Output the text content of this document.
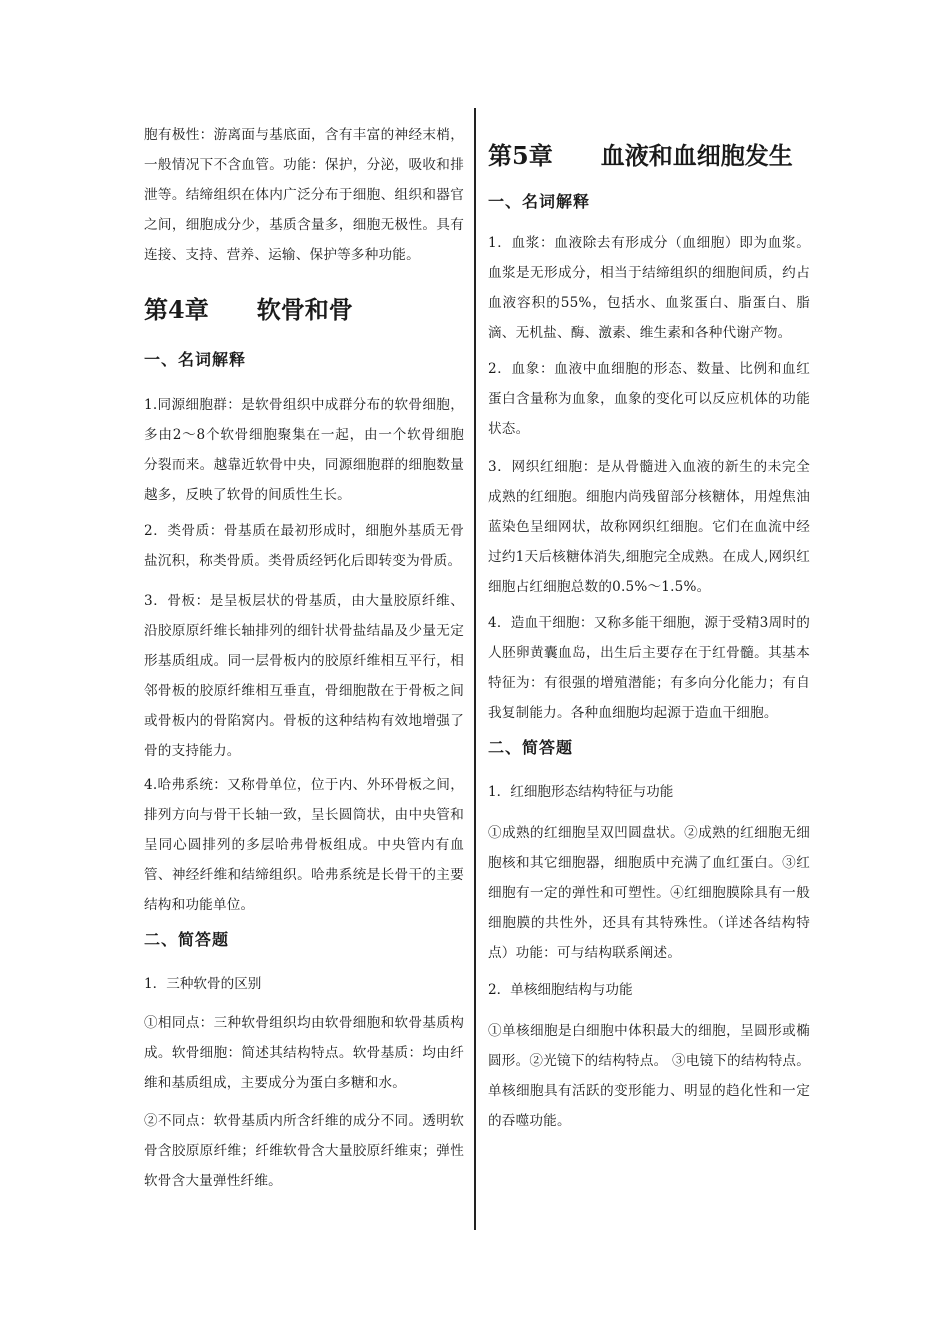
胞有极性：游离面与基底面，含有丰富的神经末梢，一般情况下不含血管。功能：保护，分泌，吸收和排泄等。结缔组织在体内广泛分布于细胞、组织和器官之间，细胞成分少，基质含量多，细胞无极性。具有连接、支持、营养、运输、保护等多种功能。

第4章　　软骨和骨
一、名词解释

1.同源细胞群：是软骨组织中成群分布的软骨细胞，多由2～8个软骨细胞聚集在一起，由一个软骨细胞分裂而来。越靠近软骨中央，同源细胞群的细胞数量越多，反映了软骨的间质性生长。

2．类骨质：骨基质在最初形成时，细胞外基质无骨盐沉积，称类骨质。类骨质经钙化后即转变为骨质。

3．骨板：是呈板层状的骨基质，由大量胶原纤维、沿胶原原纤维长轴排列的细针状骨盐结晶及少量无定形基质组成。同一层骨板内的胶原纤维相互平行，相邻骨板的胶原纤维相互垂直，骨细胞散在于骨板之间或骨板内的骨陷窝内。骨板的这种结构有效地增强了骨的支持能力。

4.哈弗系统：又称骨单位，位于内、外环骨板之间，排列方向与骨干长轴一致，呈长圆筒状，由中央管和呈同心圆排列的多层哈弗骨板组成。中央管内有血管、神经纤维和结缔组织。哈弗系统是长骨干的主要结构和功能单位。

二、简答题

1．三种软骨的区别

①相同点：三种软骨组织均由软骨细胞和软骨基质构成。软骨细胞：简述其结构特点。软骨基质：均由纤维和基质组成，主要成分为蛋白多糖和水。

②不同点：软骨基质内所含纤维的成分不同。透明软骨含胶原原纤维；纤维软骨含大量胶原纤维束；弹性软骨含大量弹性纤维。

第5章　　血液和血细胞发生
一、名词解释

1．血浆：血液除去有形成分（血细胞）即为血浆。血浆是无形成分，相当于结缔组织的细胞间质，约占血液容积的55%，包括水、血浆蛋白、脂蛋白、脂滴、无机盐、酶、激素、维生素和各种代谢产物。

2．血象：血液中血细胞的形态、数量、比例和血红蛋白含量称为血象，血象的变化可以反应机体的功能状态。

3．网织红细胞：是从骨髓进入血液的新生的未完全成熟的红细胞。细胞内尚残留部分核糖体，用煌焦油蓝染色呈细网状，故称网织红细胞。它们在血流中经过约1天后核糖体消失,细胞完全成熟。在成人,网织红细胞占红细胞总数的0.5%～1.5%。

4．造血干细胞：又称多能干细胞，源于受精3周时的人胚卵黄囊血岛，出生后主要存在于红骨髓。其基本特征为：有很强的增殖潜能；有多向分化能力；有自我复制能力。各种血细胞均起源于造血干细胞。

二、简答题

1．红细胞形态结构特征与功能

①成熟的红细胞呈双凹圆盘状。②成熟的红细胞无细胞核和其它细胞器，细胞质中充满了血红蛋白。③红细胞有一定的弹性和可塑性。④红细胞膜除具有一般细胞膜的共性外，还具有其特殊性。（详述各结构特点）功能：可与结构联系阐述。

2．单核细胞结构与功能

①单核细胞是白细胞中体积最大的细胞，呈圆形或椭圆形。②光镜下的结构特点。 ③电镜下的结构特点。单核细胞具有活跃的变形能力、明显的趋化性和一定的吞噬功能。
